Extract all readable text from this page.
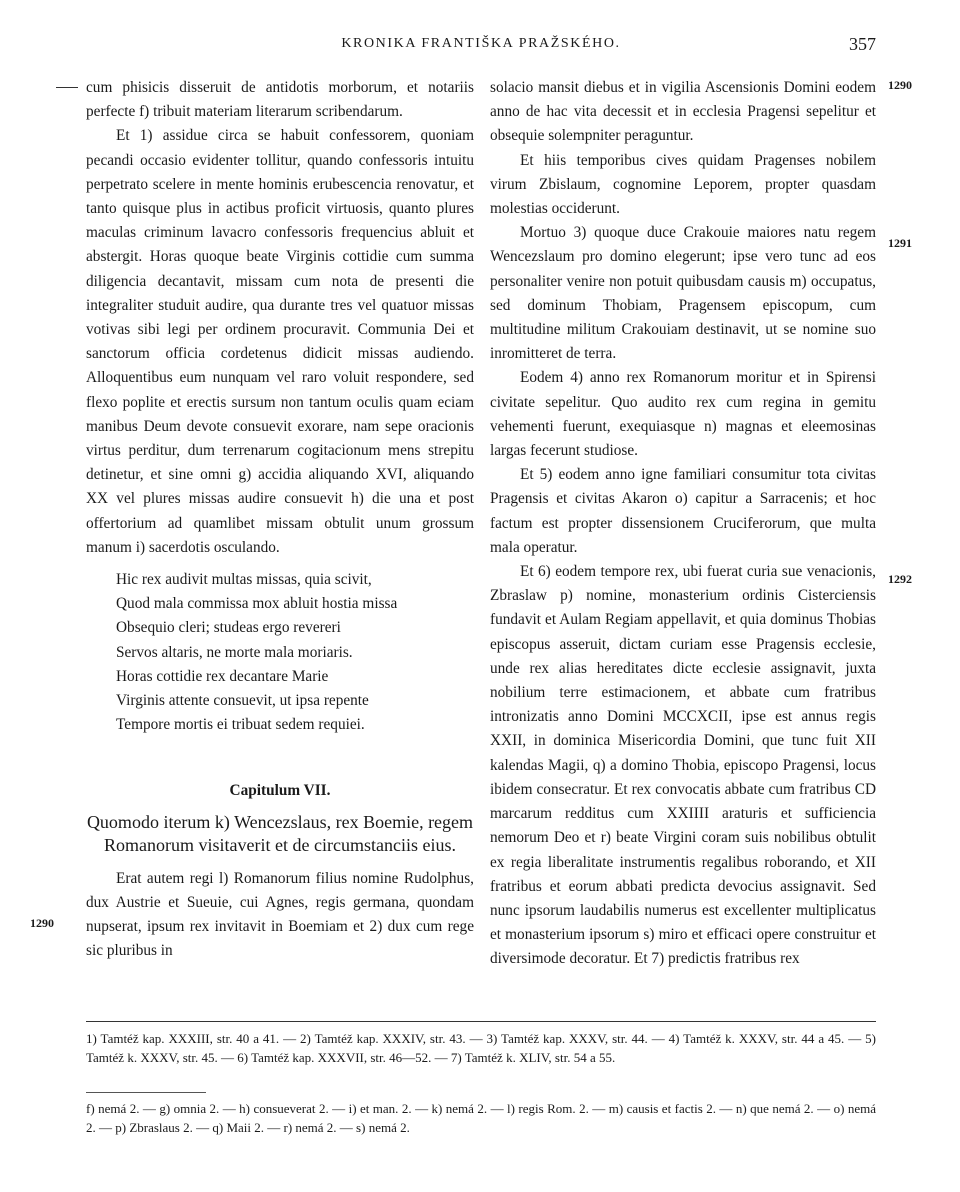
KRONIKA FRANTIŠKA PRAŽSKÉHO.	357
1290
1290
1291
1292

cum phisicis disseruit de antidotis morborum, et notariis perfecte f) tribuit materiam literarum scribendarum.

Et 1) assidue circa se habuit confessorem, quoniam pecandi occasio evidenter tollitur, quando confessoris intuitu perpetrato scelere in mente hominis erubescencia renovatur, et tanto quisque plus in actibus proficit virtuosis, quanto plures maculas criminum lavacro confessoris frequencius abluit et abstergit. Horas quoque beate Virginis cottidie cum summa diligencia decantavit, missam cum nota de presenti die integraliter studuit audire, qua durante tres vel quatuor missas votivas sibi legi per ordinem procuravit. Communia Dei et sanctorum officia cordetenus didicit missas audiendo. Alloquentibus eum nunquam vel raro voluit respondere, sed flexo poplite et erectis sursum non tantum oculis quam eciam manibus Deum devote consuevit exorare, nam sepe oracionis virtus perditur, dum terrenarum cogitacionum mens strepitu detinetur, et sine omni g) accidia aliquando XVI, aliquando XX vel plures missas audire consuevit h) die una et post offertorium ad quamlibet missam obtulit unum grossum manum i) sacerdotis osculando.

Hic rex audivit multas missas, quia scivit,
Quod mala commissa mox abluit hostia missa
Obsequio cleri; studeas ergo revereri
Servos altaris, ne morte mala moriaris.
Horas cottidie rex decantare Marie
Virginis attente consuevit, ut ipsa repente
Tempore mortis ei tribuat sedem requiei.
Capitulum VII.
Quomodo iterum k) Wencezslaus, rex Boemie, regem Romanorum visitaverit et de circumstanciis eius.

Erat autem regi l) Romanorum filius nomine Rudolphus, dux Austrie et Sueuie, cui Agnes, regis germana, quondam nupserat, ipsum rex invitavit in Boemiam et 2) dux cum rege sic pluribus in

solacio mansit diebus et in vigilia Ascensionis Domini eodem anno de hac vita decessit et in ecclesia Pragensi sepelitur et obsequie solempniter peraguntur.

Et hiis temporibus cives quidam Pragenses nobilem virum Zbislaum, cognomine Leporem, propter quasdam molestias occiderunt.

Mortuo 3) quoque duce Crakouie maiores natu regem Wencezslaum pro domino elegerunt; ipse vero tunc ad eos personaliter venire non potuit quibusdam causis m) occupatus, sed dominum Thobiam, Pragensem episcopum, cum multitudine militum Crakouiam destinavit, ut se nomine suo inromitteret de terra.

Eodem 4) anno rex Romanorum moritur et in Spirensi civitate sepelitur. Quo audito rex cum regina in gemitu vehementi fuerunt, exequiasque n) magnas et eleemosinas largas fecerunt studiose.

Et 5) eodem anno igne familiari consumitur tota civitas Pragensis et civitas Akaron o) capitur a Sarracenis; et hoc factum est propter dissensionem Cruciferorum, que multa mala operatur.

Et 6) eodem tempore rex, ubi fuerat curia sue venacionis, Zbraslaw p) nomine, monasterium ordinis Cisterciensis fundavit et Aulam Regiam appellavit, et quia dominus Thobias episcopus asseruit, dictam curiam esse Pragensis ecclesie, unde rex alias hereditates dicte ecclesie assignavit, juxta nobilium terre estimacionem, et abbate cum fratribus intronizatis anno Domini MCCXCII, ipse est annus regis XXII, in dominica Misericordia Domini, que tunc fuit XII kalendas Magii, q) a domino Thobia, episcopo Pragensi, locus ibidem consecratur. Et rex convocatis abbate cum fratribus CD marcarum redditus cum XXIIII araturis et sufficiencia nemorum Deo et r) beate Virgini coram suis nobilibus obtulit ex regia liberalitate instrumentis regalibus roborando, et XII fratribus et eorum abbati predicta devocius assignavit. Sed nunc ipsorum laudabilis numerus est excellenter multiplicatus et monasterium ipsorum s) miro et efficaci opere construitur et diversimode decoratur. Et 7) predictis fratribus rex

1) Tamtéž kap. XXXIII, str. 40 a 41. — 2) Tamtéž kap. XXXIV, str. 43. — 3) Tamtéž kap. XXXV, str. 44. — 4) Tamtéž k. XXXV, str. 44 a 45. — 5) Tamtéž k. XXXV, str. 45. — 6) Tamtéž kap. XXXVII, str. 46—52. — 7) Tamtéž k. XLIV, str. 54 a 55.

f) nemá 2. — g) omnia 2. — h) consueverat 2. — i) et man. 2. — k) nemá 2. — l) regis Rom. 2. — m) causis et factis 2. — n) que nemá 2. — o) nemá 2. — p) Zbraslaus 2. — q) Maii 2. — r) nemá 2. — s) nemá 2.
